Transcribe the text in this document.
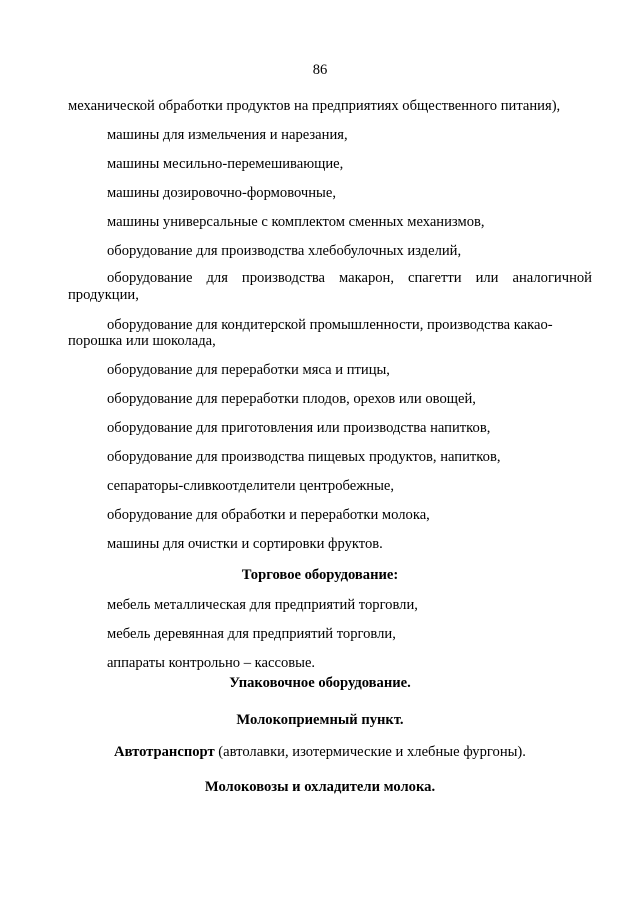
86
механической обработки продуктов на предприятиях общественного питания),
машины для измельчения и нарезания,
машины месильно-перемешивающие,
машины дозировочно-формовочные,
машины универсальные с комплектом сменных механизмов,
оборудование для производства хлебобулочных изделий,
оборудование для производства макарон, спагетти или аналогичной
продукции,
оборудование для кондитерской промышленности, производства какао-
порошка или шоколада,
оборудование для переработки мяса и птицы,
оборудование для переработки плодов, орехов или овощей,
оборудование для приготовления или производства напитков,
оборудование для производства пищевых продуктов, напитков,
сепараторы-сливкоотделители центробежные,
оборудование для обработки и переработки молока,
машины для очистки и сортировки фруктов.
Торговое оборудование:
мебель металлическая для предприятий торговли,
мебель деревянная для предприятий торговли,
аппараты контрольно – кассовые.
Упаковочное оборудование.
Молокоприемный пункт.
Автотранспорт (автолавки, изотермические и хлебные фургоны).
Молоковозы и охладители молока.
